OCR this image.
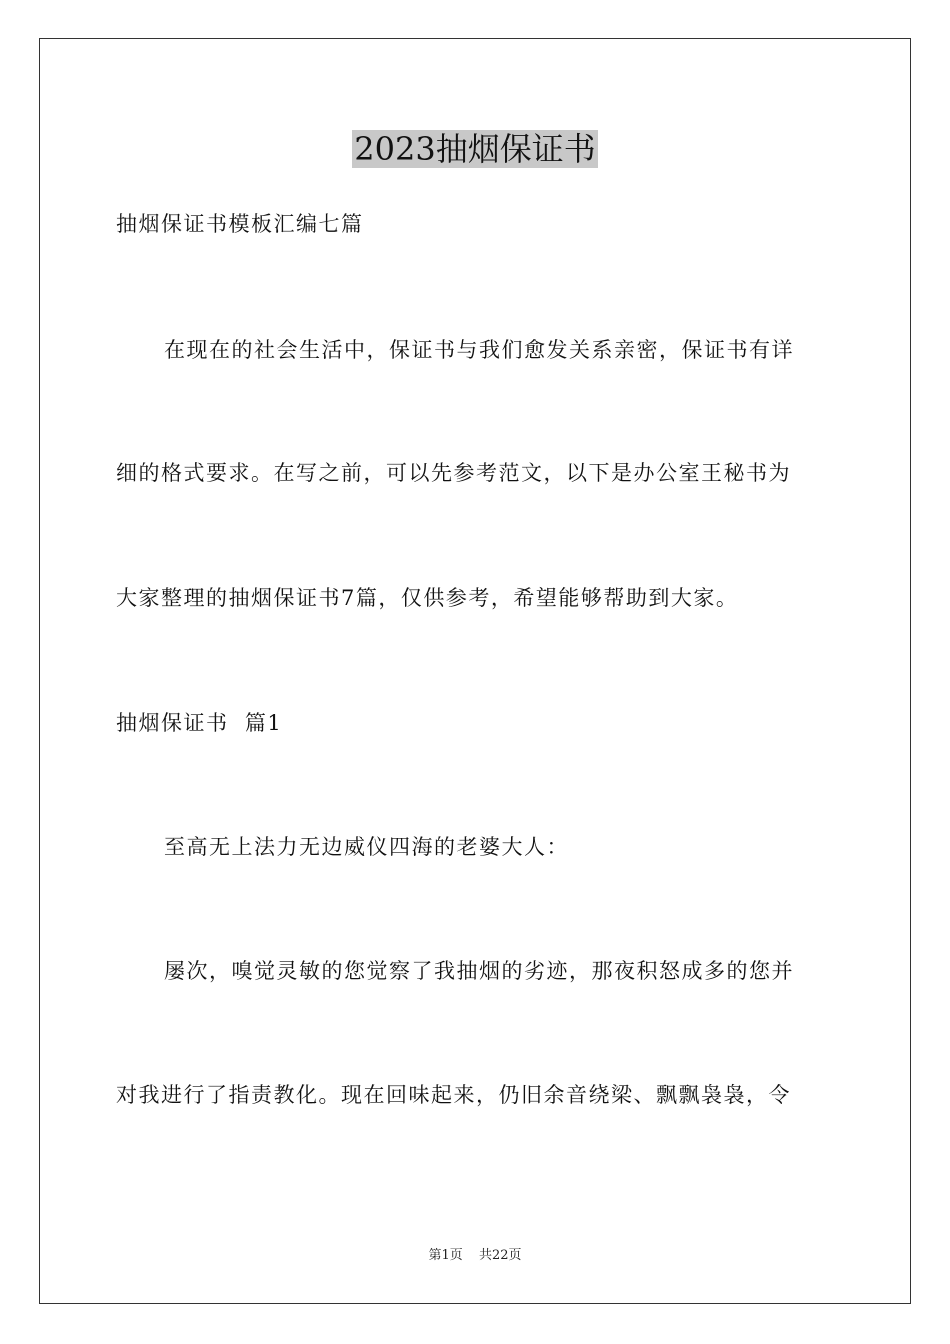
2023抽烟保证书
抽烟保证书模板汇编七篇
在现在的社会生活中，保证书与我们愈发关系亲密，保证书有详
细的格式要求。在写之前，可以先参考范文，以下是办公室王秘书为
大家整理的抽烟保证书7篇，仅供参考，希望能够帮助到大家。
抽烟保证书  篇1
至高无上法力无边威仪四海的老婆大人：
屡次，嗅觉灵敏的您觉察了我抽烟的劣迹，那夜积怒成多的您并
对我进行了指责教化。现在回味起来，仍旧余音绕梁、飘飘袅袅，令
第1页 共22页
